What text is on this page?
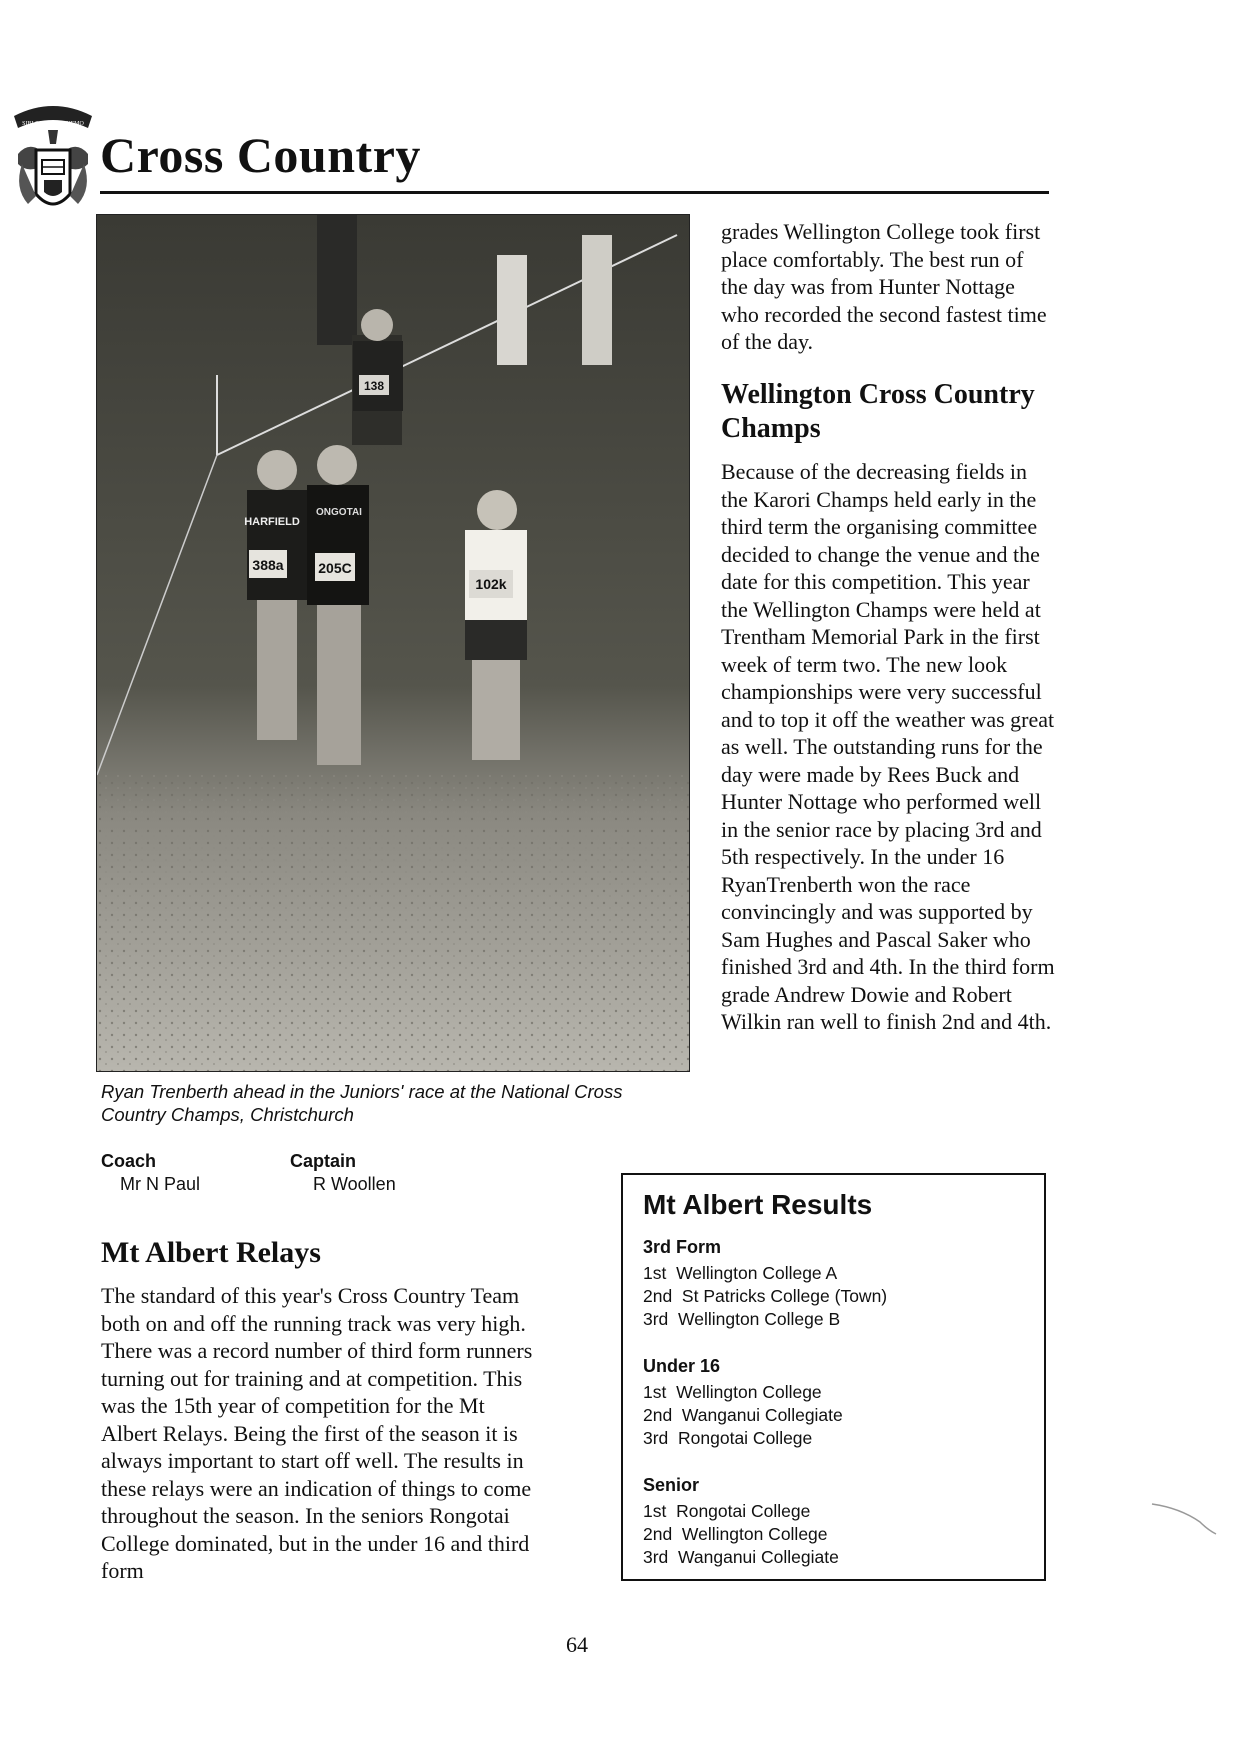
SIBI OMNES ET NEMO
Cross Country
388a
HARFIELD
205C
ONGOTAI
102k
138

Ryan Trenberth ahead in the Juniors' race at the National Cross Country Champs, Christchurch

Coach
Mr N Paul
Captain
R Woollen
Mt Albert Relays

The standard of this year's Cross Country Team both on and off the running track was very high. There was a record number of third form runners turning out for training and at competition. This was the 15th year of competition for the Mt Albert Relays. Being the first of the season it is always important to start off well. The results in these relays were an indication of things to come throughout the season. In the seniors Rongotai College dominated, but in the under 16 and third form

grades Wellington College took first place comfortably. The best run of the day was from Hunter Nottage who recorded the second fastest time of the day.

Wellington Cross Country Champs

Because of the decreasing fields in the Karori Champs held early in the third term the organising committee decided to change the venue and the date for this competition. This year the Wellington Champs were held at Trentham Memorial Park in the first week of term two. The new look championships were very successful and to top it off the weather was great as well. The outstanding runs for the day were made by Rees Buck and Hunter Nottage who performed well in the senior race by placing 3rd and 5th respectively. In the under 16 RyanTrenberth won the race convincingly and was supported by Sam Hughes and Pascal Saker who finished 3rd and 4th. In the third form grade Andrew Dowie and Robert Wilkin ran well to finish 2nd and 4th.

Mt Albert Results
3rd Form
1st  Wellington College A
2nd  St Patricks College (Town)
3rd  Wellington College B
Under 16
1st  Wellington College
2nd  Wanganui Collegiate
3rd  Rongotai College
Senior
1st  Rongotai College
2nd  Wellington College
3rd  Wanganui Collegiate
64
